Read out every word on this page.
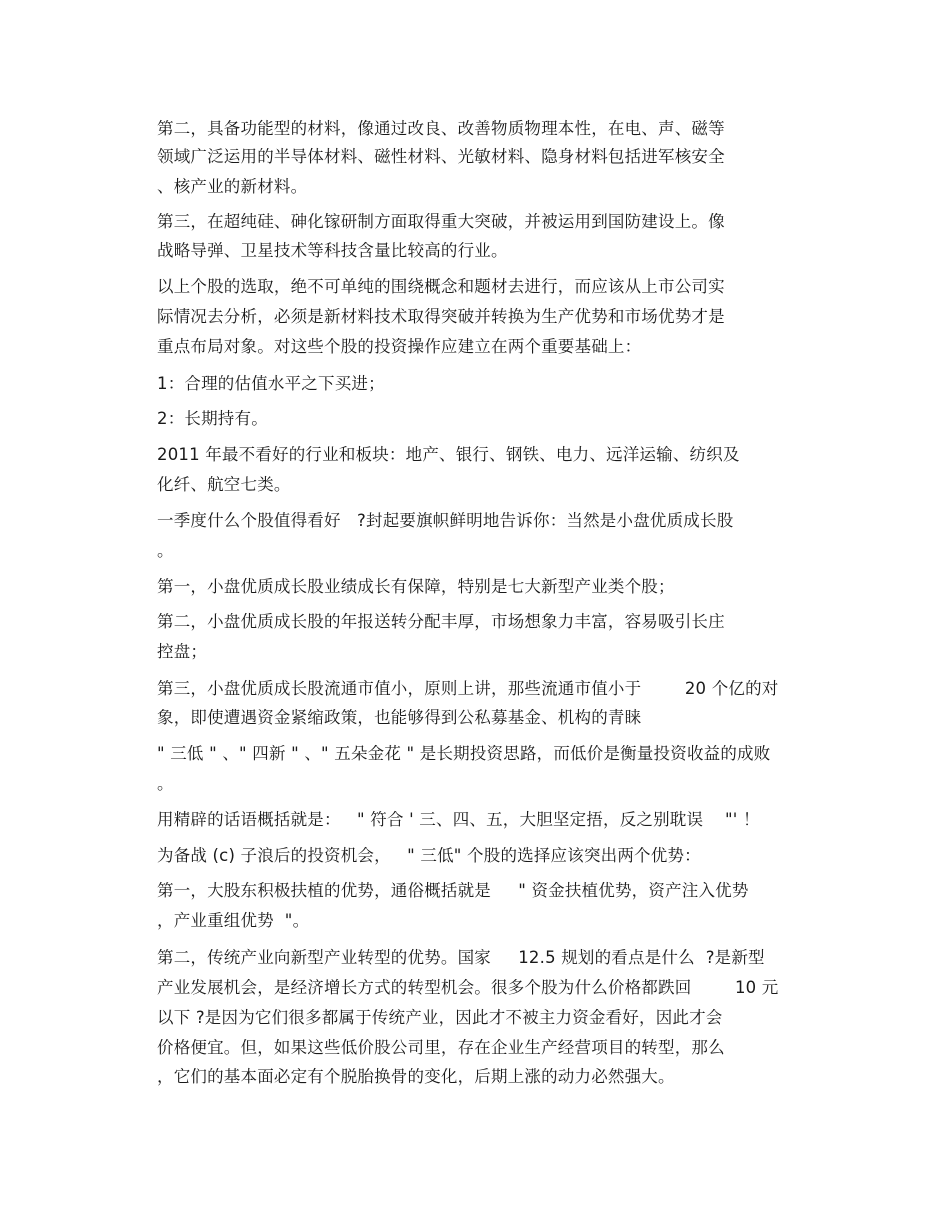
第二，具备功能型的材料，像通过改良、改善物质物理本性，在电、声、磁等
领域广泛运用的半导体材料、磁性材料、光敏材料、隐身材料包括进军核安全
、核产业的新材料。
第三，在超纯硅、砷化镓研制方面取得重大突破，并被运用到国防建设上。像
战略导弹、卫星技术等科技含量比较高的行业。
以上个股的选取，绝不可单纯的围绕概念和题材去进行，而应该从上市公司实
际情况去分析，必须是新材料技术取得突破并转换为生产优势和市场优势才是
重点布局对象。对这些个股的投资操作应建立在两个重要基础上：
1：合理的估值水平之下买进；
2：长期持有。
2011 年最不看好的行业和板块：地产、银行、钢铁、电力、远洋运输、纺织及
化纤、航空七类。
一季度什么个股值得看好   ?封起要旗帜鲜明地告诉你：当然是小盘优质成长股
。
第一，小盘优质成长股业绩成长有保障，特别是七大新型产业类个股；
第二，小盘优质成长股的年报送转分配丰厚，市场想象力丰富，容易吸引长庄
控盘；
第三，小盘优质成长股流通市值小，原则上讲，那些流通市值小于        20 个亿的对
象，即使遭遇资金紧缩政策，也能够得到公私募基金、机构的青睐
" 三低 " 、" 四新 " 、" 五朵金花 " 是长期投资思路，而低价是衡量投资收益的成败
。
用精辟的话语概括就是：   " 符合 ' 三、四、五，大胆坚定捂，反之别耽误    "' ！
为备战 (c) 子浪后的投资机会，   " 三低" 个股的选择应该突出两个优势：
第一，大股东积极扶植的优势，通俗概括就是     " 资金扶植优势，资产注入优势
，产业重组优势  "。
第二，传统产业向新型产业转型的优势。国家     12.5 规划的看点是什么  ?是新型
产业发展机会，是经济增长方式的转型机会。很多个股为什么价格都跌回        10 元
以下 ?是因为它们很多都属于传统产业，因此才不被主力资金看好，因此才会
价格便宜。但，如果这些低价股公司里，存在企业生产经营项目的转型，那么
，它们的基本面必定有个脱胎换骨的变化，后期上涨的动力必然强大。
